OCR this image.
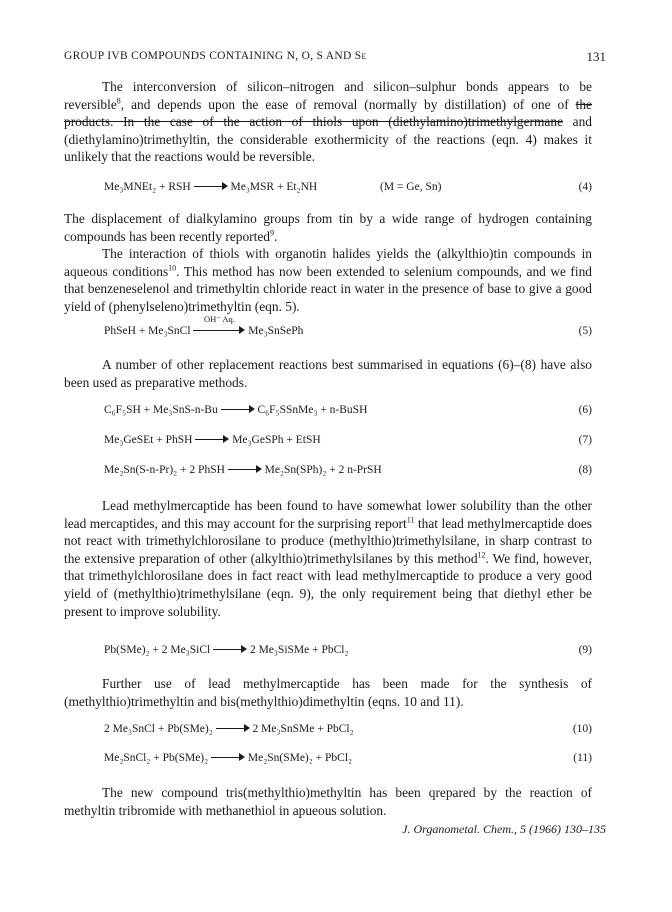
GROUP IVB COMPOUNDS CONTAINING N, O, S AND Se	131

The interconversion of silicon–nitrogen and silicon–sulphur bonds appears to be reversible$^8$, and depends upon the ease of removal (normally by distillation) of one of the products. In the case of the action of thiols upon (diethylamino)trimethylgermane and (diethylamino)trimethyltin, the considerable exothermicity of the reactions (eqn. 4) makes it unlikely that the reactions would be reversible.

Me₃MNEt₂ + RSH	Me₃MSR + Et₂NH	(M = Ge, Sn)	(4)

The displacement of dialkylamino groups from tin by a wide range of hydrogen containing compounds has been recently reported$^9$.

The interaction of thiols with organotin halides yields the (alkylthio)tin compounds in aqueous conditions$^{10}$. This method has now been extended to selenium compounds, and we find that benzeneselenol and trimethyltin chloride react in water in the presence of base to give a good yield of (phenylseleno)trimethyltin (eqn. 5).

PhSeH + Me₃SnCl
OH⁻ Aq.
Me₃SnSePh	(5)

A number of other replacement reactions best summarised in equations (6)–(8) have also been used as preparative methods.

C₆F₅SH + Me₃SnS-n-Bu	C₆F₅SSnMe₃ + n-BuSH	(6)
Me₃GeSEt + PhSH	Me₃GeSPh + EtSH	(7)
Me₂Sn(S-n-Pr)₂ + 2 PhSH	Me₂Sn(SPh)₂ + 2 n-PrSH	(8)

Lead methylmercaptide has been found to have somewhat lower solubility than the other lead mercaptides, and this may account for the surprising report$^{11}$ that lead methylmercaptide does not react with trimethylchlorosilane to produce (methylthio)trimethylsilane, in sharp contrast to the extensive preparation of other (alkylthio)trimethylsilanes by this method$^{12}$. We find, however, that trimethylchlorosilane does in fact react with lead methylmercaptide to produce a very good yield of (methylthio)trimethylsilane (eqn. 9), the only requirement being that diethyl ether be present to improve solubility.

Pb(SMe)₂ + 2 Me₃SiCl	2 Me₃SiSMe + PbCl₂	(9)

Further use of lead methylmercaptide has been made for the synthesis of (methylthio)trimethyltin and bis(methylthio)dimethyltin (eqns. 10 and 11).

2 Me₃SnCl + Pb(SMe)₂	2 Me₃SnSMe + PbCl₂	(10)
Me₂SnCl₂ + Pb(SMe)₂	Me₂Sn(SMe)₂ + PbCl₂	(11)

The new compound tris(methylthio)methyltin has been qrepared by the reaction of methyltin tribromide with methanethiol in apueous solution.

J. Organometal. Chem., 5 (1966) 130–135
